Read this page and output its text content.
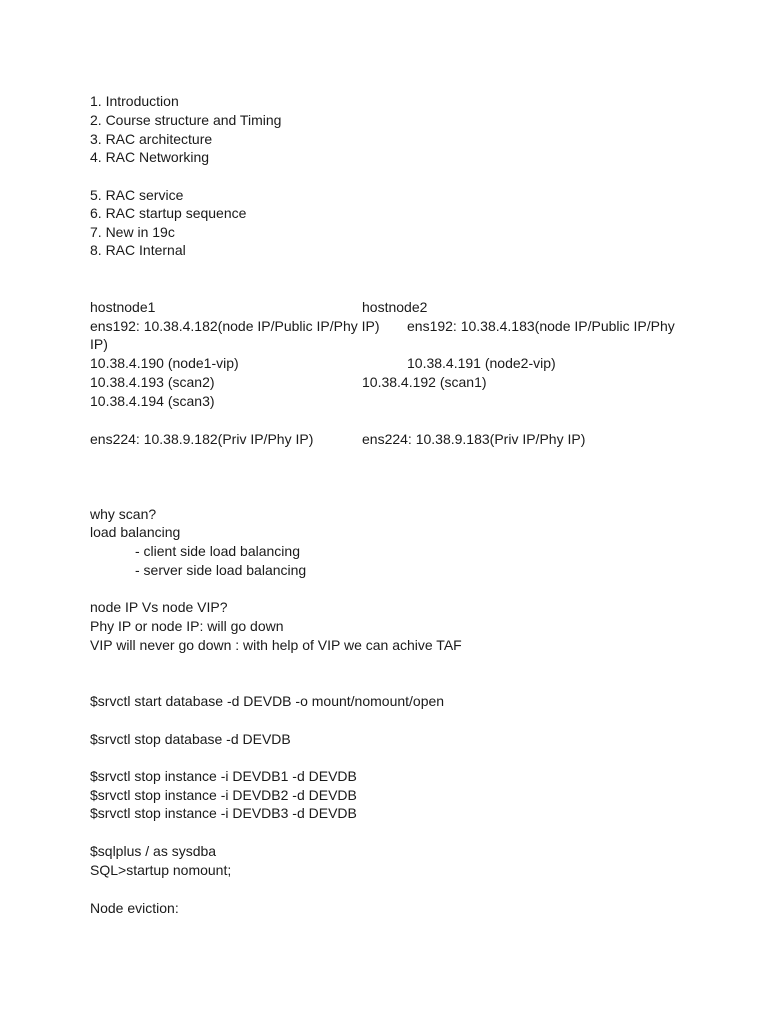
1. Introduction
2. Course structure and Timing
3. RAC architecture
4. RAC Networking
5. RAC service
6. RAC startup sequence
7. New in 19c
8. RAC Internal
hostnode1	hostnode2
ens192: 10.38.4.182(node IP/Public IP/Phy IP) ens192: 10.38.4.183(node IP/Public IP/Phy
IP)
10.38.4.190 (node1-vip)	10.38.4.191 (node2-vip)
10.38.4.193 (scan2)	10.38.4.192 (scan1)
10.38.4.194 (scan3)
ens224: 10.38.9.182(Priv IP/Phy IP)	ens224: 10.38.9.183(Priv IP/Phy IP)
why scan?
load balancing
- client side load balancing
- server side load balancing
node IP Vs node VIP?
Phy IP or node IP: will go down
VIP will never go down : with help of VIP we can achive TAF
$srvctl start database -d DEVDB -o mount/nomount/open
$srvctl stop database -d DEVDB
$srvctl stop instance -i DEVDB1 -d DEVDB
$srvctl stop instance -i DEVDB2 -d DEVDB
$srvctl stop instance -i DEVDB3 -d DEVDB
$sqlplus / as sysdba
SQL>startup nomount;
Node eviction:
